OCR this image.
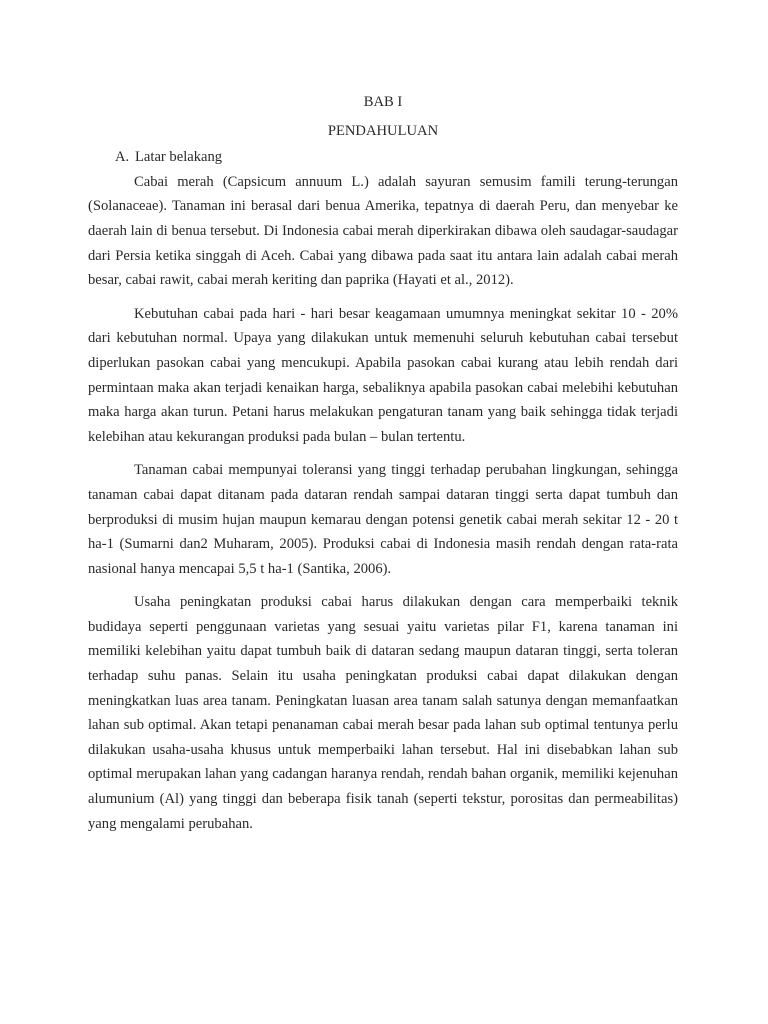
BAB I
PENDAHULUAN
A. Latar belakang

Cabai merah (Capsicum annuum L.) adalah sayuran semusim famili terung-terungan (Solanaceae). Tanaman ini berasal dari benua Amerika, tepatnya di daerah Peru, dan menyebar ke daerah lain di benua tersebut. Di Indonesia cabai merah diperkirakan dibawa oleh saudagar-saudagar dari Persia ketika singgah di Aceh. Cabai yang dibawa pada saat itu antara lain adalah cabai merah besar, cabai rawit, cabai merah keriting dan paprika (Hayati et al., 2012).

Kebutuhan cabai pada hari - hari besar keagamaan umumnya meningkat sekitar 10 - 20% dari kebutuhan normal. Upaya yang dilakukan untuk memenuhi seluruh kebutuhan cabai tersebut diperlukan pasokan cabai yang mencukupi. Apabila pasokan cabai kurang atau lebih rendah dari permintaan maka akan terjadi kenaikan harga, sebaliknya apabila pasokan cabai melebihi kebutuhan maka harga akan turun. Petani harus melakukan pengaturan tanam yang baik sehingga tidak terjadi kelebihan atau kekurangan produksi pada bulan – bulan tertentu.

Tanaman cabai mempunyai toleransi yang tinggi terhadap perubahan lingkungan, sehingga tanaman cabai dapat ditanam pada dataran rendah sampai dataran tinggi serta dapat tumbuh dan berproduksi di musim hujan maupun kemarau dengan potensi genetik cabai merah sekitar 12 - 20 t ha-1 (Sumarni dan2 Muharam, 2005). Produksi cabai di Indonesia masih rendah dengan rata-rata nasional hanya mencapai 5,5 t ha-1 (Santika, 2006).

Usaha peningkatan produksi cabai harus dilakukan dengan cara memperbaiki teknik budidaya seperti penggunaan varietas yang sesuai yaitu varietas pilar F1, karena tanaman ini memiliki kelebihan yaitu dapat tumbuh baik di dataran sedang maupun dataran tinggi, serta toleran terhadap suhu panas. Selain itu usaha peningkatan produksi cabai dapat dilakukan dengan meningkatkan luas area tanam. Peningkatan luasan area tanam salah satunya dengan memanfaatkan lahan sub optimal. Akan tetapi penanaman cabai merah besar pada lahan sub optimal tentunya perlu dilakukan usaha-usaha khusus untuk memperbaiki lahan tersebut. Hal ini disebabkan lahan sub optimal merupakan lahan yang cadangan haranya rendah, rendah bahan organik, memiliki kejenuhan alumunium (Al) yang tinggi dan beberapa fisik tanah (seperti tekstur, porositas dan permeabilitas) yang mengalami perubahan.
